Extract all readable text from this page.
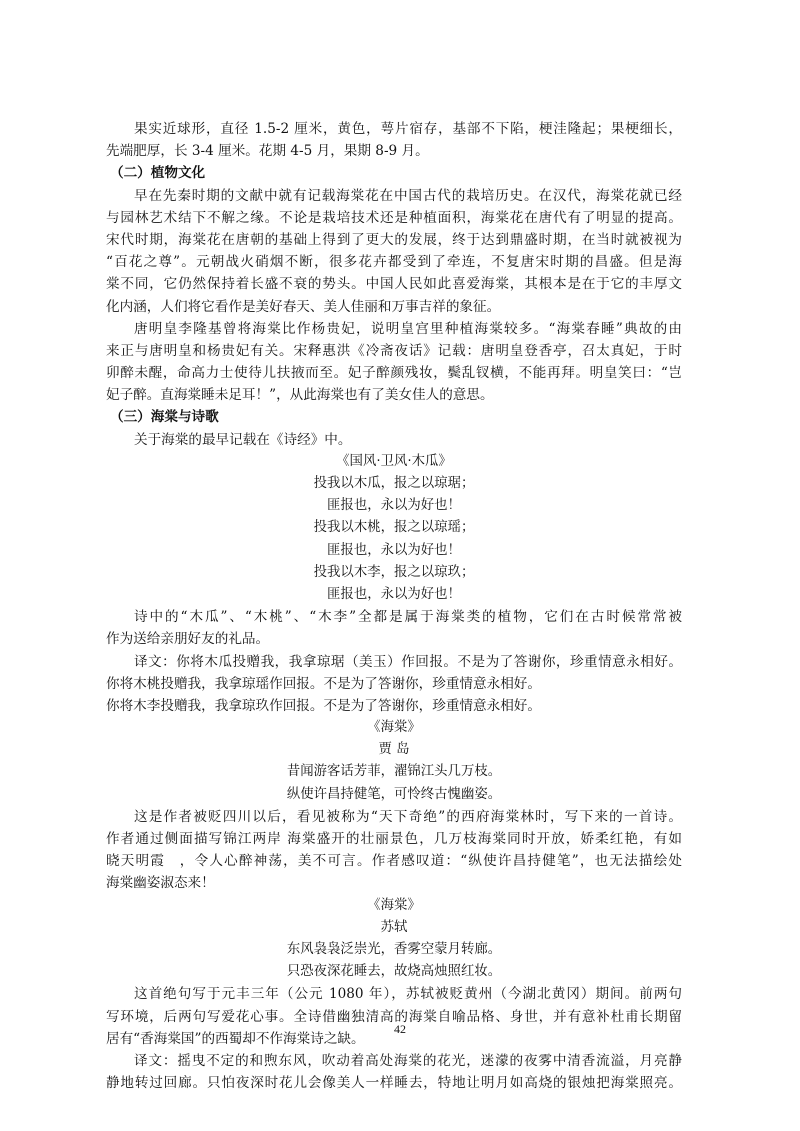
果实近球形，直径 1.5-2 厘米，黄色，萼片宿存，基部不下陷，梗洼隆起；果梗细长，
先端肥厚，长 3-4 厘米。花期 4-5 月，果期 8-9 月。
（二）植物文化
早在先秦时期的文献中就有记载海棠花在中国古代的栽培历史。在汉代，海棠花就已经
与园林艺术结下不解之缘。不论是栽培技术还是种植面积，海棠花在唐代有了明显的提高。
宋代时期，海棠花在唐朝的基础上得到了更大的发展，终于达到鼎盛时期，在当时就被视为
“百花之尊”。元朝战火硝烟不断，很多花卉都受到了牵连，不复唐宋时期的昌盛。但是海
棠不同，它仍然保持着长盛不衰的势头。中国人民如此喜爱海棠，其根本是在于它的丰厚文
化内涵，人们将它看作是美好春天、美人佳丽和万事吉祥的象征。
唐明皇李隆基曾将海棠比作杨贵妃，说明皇宫里种植海棠较多。“海棠春睡”典故的由
来正与唐明皇和杨贵妃有关。宋释惠洪《冷斋夜话》记载：唐明皇登香亭，召太真妃，于时
卯醉未醒，命高力士使待儿扶掖而至。妃子醉颜残妆，鬓乱钗横，不能再拜。明皇笑曰：“岂
妃子醉。直海棠睡未足耳！”，从此海棠也有了美女佳人的意思。
（三）海棠与诗歌
关于海棠的最早记载在《诗经》中。
《国风·卫风·木瓜》
投我以木瓜，报之以琼琚；
匪报也，永以为好也！
投我以木桃，报之以琼瑶；
匪报也，永以为好也！
投我以木李，报之以琼玖；
匪报也，永以为好也！
诗中的“木瓜”、“木桃”、“木李”全都是属于海棠类的植物，它们在古时候常常被
作为送给亲朋好友的礼品。
译文：你将木瓜投赠我，我拿琼琚（美玉）作回报。不是为了答谢你，珍重情意永相好。
你将木桃投赠我，我拿琼瑶作回报。不是为了答谢你，珍重情意永相好。
你将木李投赠我，我拿琼玖作回报。不是为了答谢你，珍重情意永相好。
《海棠》
贾 岛
昔闻游客话芳菲，濯锦江头几万枝。
纵使许昌持健笔，可怜终古愧幽姿。
这是作者被贬四川以后，看见被称为“天下奇绝”的西府海棠林时，写下来的一首诗。
作者通过侧面描写锦江两岸 海棠盛开的壮丽景色，几万枝海棠同时开放，娇柔红艳，有如
晓天明霞　，令人心醉神荡，美不可言。作者感叹道：“纵使许昌持健笔”，也无法描绘处
海棠幽姿淑态来！
《海棠》
苏轼
东风袅袅泛崇光，香雾空蒙月转廊。
只恐夜深花睡去，故烧高烛照红妆。
这首绝句写于元丰三年（公元 1080 年），苏轼被贬黄州（今湖北黄冈）期间。前两句
写环境，后两句写爱花心事。全诗借幽独清高的海棠自喻品格、身世，并有意补杜甫长期留
居有“香海棠国”的西蜀却不作海棠诗之缺。
译文：摇曳不定的和煦东风，吹动着高处海棠的花光，迷濛的夜雾中清香流溢，月亮静
静地转过回廊。只怕夜深时花儿会像美人一样睡去，特地让明月如高烧的银烛把海棠照亮。
42
